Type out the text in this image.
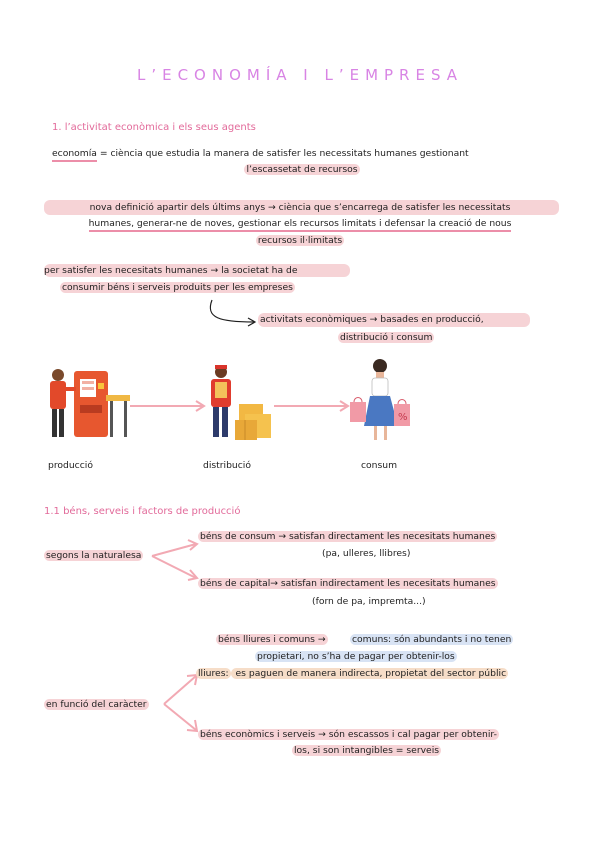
L’ECONOMÍA I L’EMPRESA
1. l’activitat econòmica i els seus agents
economía = ciència que estudia la manera de satisfer les necessitats humanes gestionant
l’escassetat de recursos
nova definició apartir dels últims anys → ciència que s’encarrega de satisfer les necessitats
humanes, generar-ne de noves, gestionar els recursos limitats i defensar la creació de nous
recursos il·limitats
per satisfer les necesitats humanes → la societat ha de
consumir béns i serveis produits per les empreses
activitats econòmiques → basades en producció,
distribució i consum
%
producció	distribució	consum
1.1 béns, serveis i factors de producció
segons la naturalesa
béns de consum → satisfan directament les necesitats humanes
(pa, ulleres, llibres)
béns de capital→ satisfan indirectament les necesitats humanes
(forn de pa, impremta...)
en funció del caràcter
béns lliures i comuns →	comuns: són abundants i no tenen
propietari, no s’ha de pagar per obtenir-los
lliures: es paguen de manera indirecta, propietat del sector públic
béns econòmics i serveis → són escassos i cal pagar per obtenir-
los, si son intangibles = serveis
